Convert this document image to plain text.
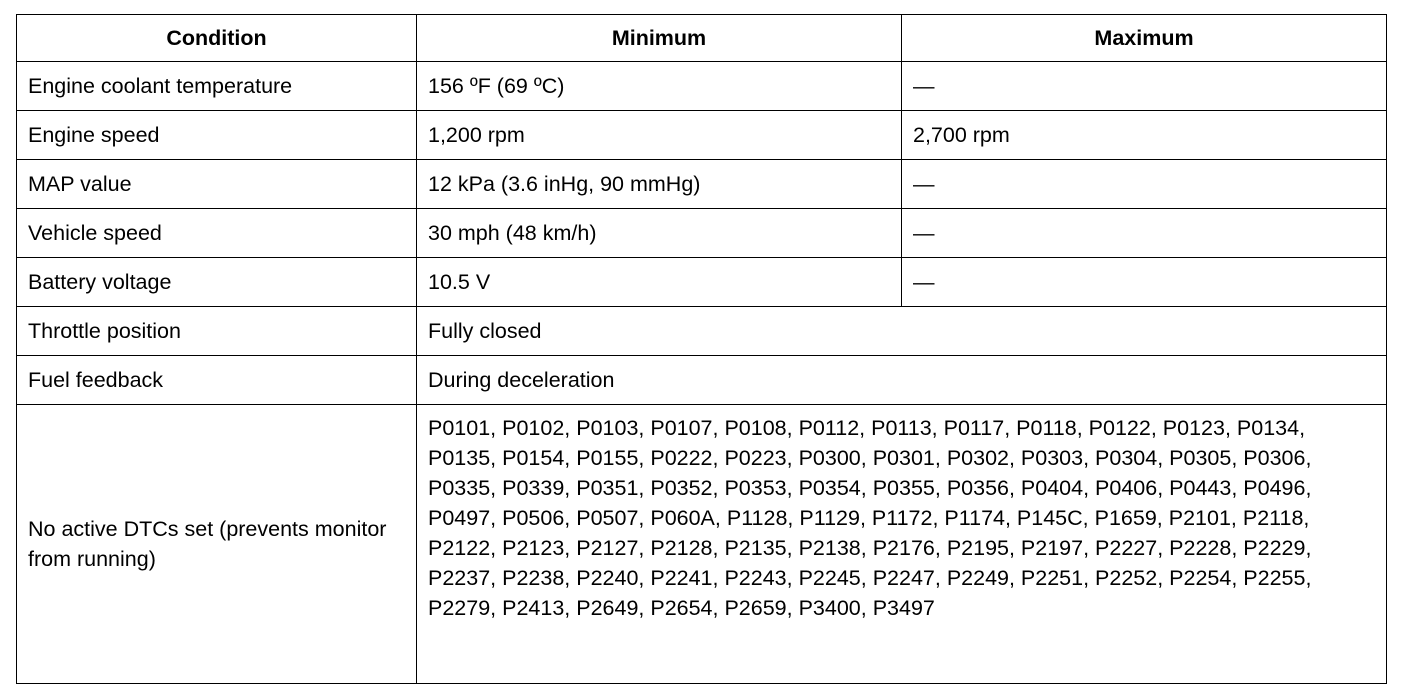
Condition	Minimum	Maximum
Engine coolant temperature	156 ºF (69 ºC)	—
Engine speed	1,200 rpm	2,700 rpm
MAP value	12 kPa (3.6 inHg, 90 mmHg)	—
Vehicle speed	30 mph (48 km/h)	—
Battery voltage	10.5 V	—
Throttle position	Fully closed	
Fuel feedback	During deceleration	
No active DTCs set (prevents monitor from running)	P0101, P0102, P0103, P0107, P0108, P0112, P0113, P0117, P0118, P0122, P0123, P0134, P0135, P0154, P0155, P0222, P0223, P0300, P0301, P0302, P0303, P0304, P0305, P0306, P0335, P0339, P0351, P0352, P0353, P0354, P0355, P0356, P0404, P0406, P0443, P0496, P0497, P0506, P0507, P060A, P1128, P1129, P1172, P1174, P145C, P1659, P2101, P2118, P2122, P2123, P2127, P2128, P2135, P2138, P2176, P2195, P2197, P2227, P2228, P2229, P2237, P2238, P2240, P2241, P2243, P2245, P2247, P2249, P2251, P2252, P2254, P2255, P2279, P2413, P2649, P2654, P2659, P3400, P3497	
